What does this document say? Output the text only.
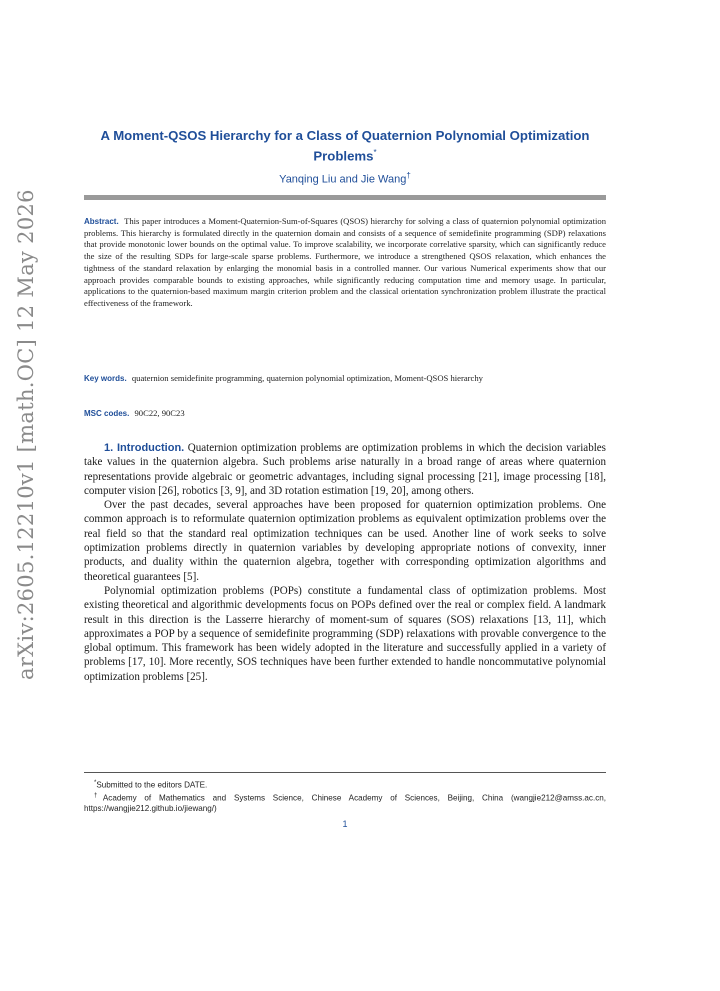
arXiv:2605.12210v1 [math.OC] 12 May 2026
A Moment-QSOS Hierarchy for a Class of Quaternion Polynomial Optimization
Problems*
Yanqing Liu and Jie Wang†
Abstract. This paper introduces a Moment-Quaternion-Sum-of-Squares (QSOS) hierarchy for solving a class of quaternion polynomial optimization problems. This hierarchy is formulated directly in the quaternion domain and consists of a sequence of semidefinite programming (SDP) relaxations that provide monotonic lower bounds on the optimal value. To improve scalability, we incorporate correlative sparsity, which can significantly reduce the size of the resulting SDPs for large-scale sparse problems. Furthermore, we introduce a strengthened QSOS relaxation, which enhances the tightness of the standard relaxation by enlarging the monomial basis in a controlled manner. Our various Numerical experiments show that our approach provides comparable bounds to existing approaches, while significantly reducing computation time and memory usage. In particular, applications to the quaternion-based maximum margin criterion problem and the classical orientation synchronization problem illustrate the practical effectiveness of the framework.
Key words. quaternion semidefinite programming, quaternion polynomial optimization, Moment-QSOS hierarchy
MSC codes. 90C22, 90C23

1. Introduction. Quaternion optimization problems are optimization problems in which the decision variables take values in the quaternion algebra. Such problems arise naturally in a broad range of areas where quaternion representations provide algebraic or geometric advantages, including signal processing [21], image processing [18], computer vision [26], robotics [3, 9], and 3D rotation estimation [19, 20], among others.

Over the past decades, several approaches have been proposed for quaternion optimization problems. One common approach is to reformulate quaternion optimization problems as equivalent optimization problems over the real field so that the standard real optimization techniques can be used. Another line of work seeks to solve optimization problems directly in quaternion variables by developing appropriate notions of convexity, inner products, and duality within the quaternion algebra, together with corresponding optimization algorithms and theoretical guarantees [5].

Polynomial optimization problems (POPs) constitute a fundamental class of optimization problems. Most existing theoretical and algorithmic developments focus on POPs defined over the real or complex field. A landmark result in this direction is the Lasserre hierarchy of moment-sum of squares (SOS) relaxations [13, 11], which approximates a POP by a sequence of semidefinite programming (SDP) relaxations with provable convergence to the global optimum. This framework has been widely adopted in the literature and successfully applied in a variety of problems [17, 10]. More recently, SOS techniques have been further extended to handle noncommutative polynomial optimization problems [25].

*Submitted to the editors DATE.

†Academy of Mathematics and Systems Science, Chinese Academy of Sciences, Beijing, China (wangjie212@amss.ac.cn, https://wangjie212.github.io/jiewang/)

1
